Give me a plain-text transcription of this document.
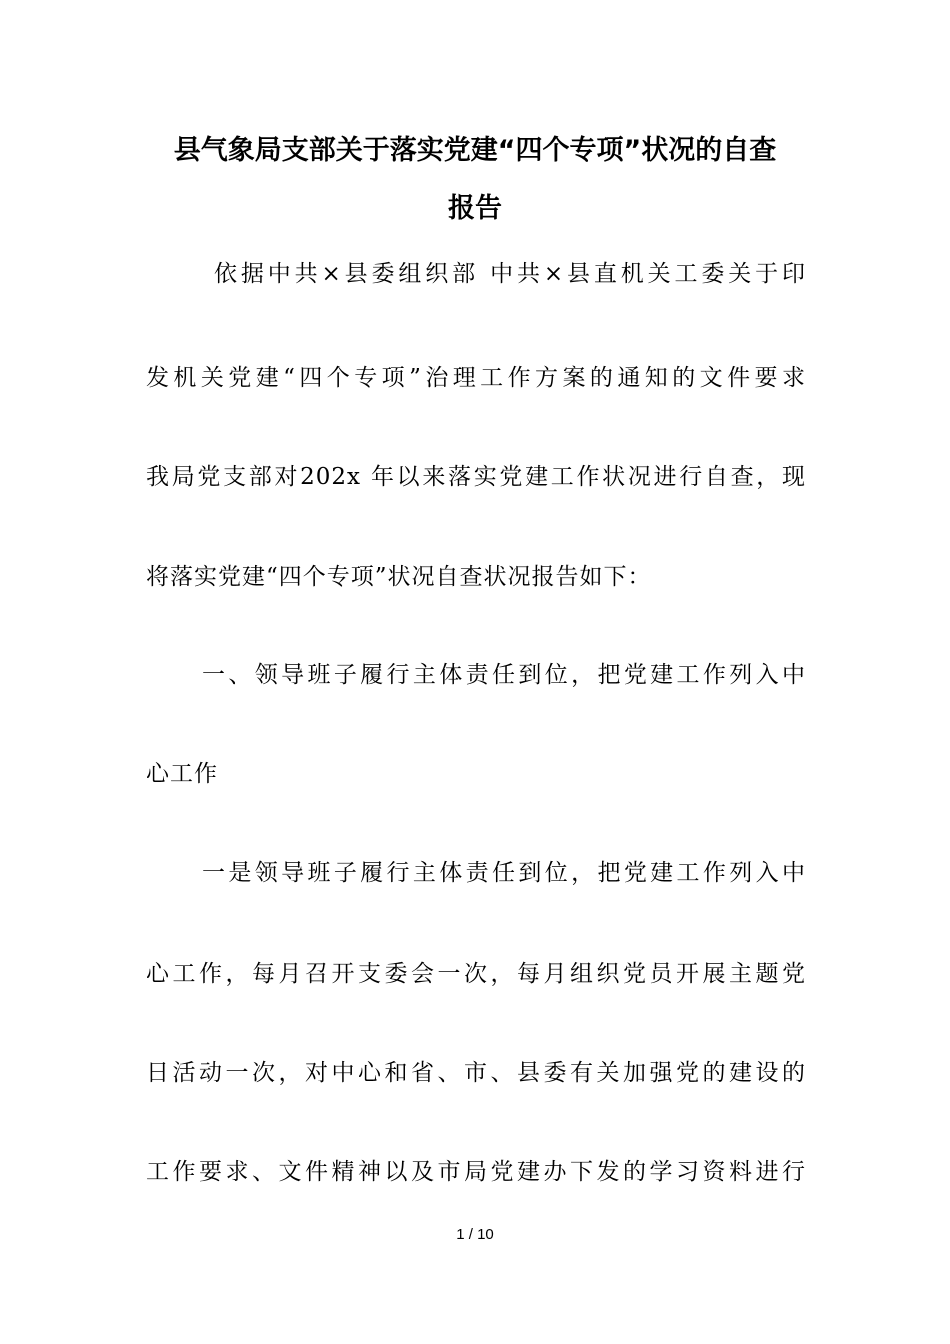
县气象局支部关于落实党建“四个专项”状况的自查
报告

依据中共×县委组织部 中共×县直机关工委关于印

发机关党建“四个专项”治理工作方案的通知的文件要求

我局党支部对202x 年以来落实党建工作状况进行自查，现

将落实党建“四个专项”状况自查状况报告如下：

一、领导班子履行主体责任到位，把党建工作列入中

心工作

一是领导班子履行主体责任到位，把党建工作列入中

心工作，每月召开支委会一次，每月组织党员开展主题党

日活动一次，对中心和省、市、县委有关加强党的建设的

工作要求、文件精神以及市局党建办下发的学习资料进行

1 / 10
